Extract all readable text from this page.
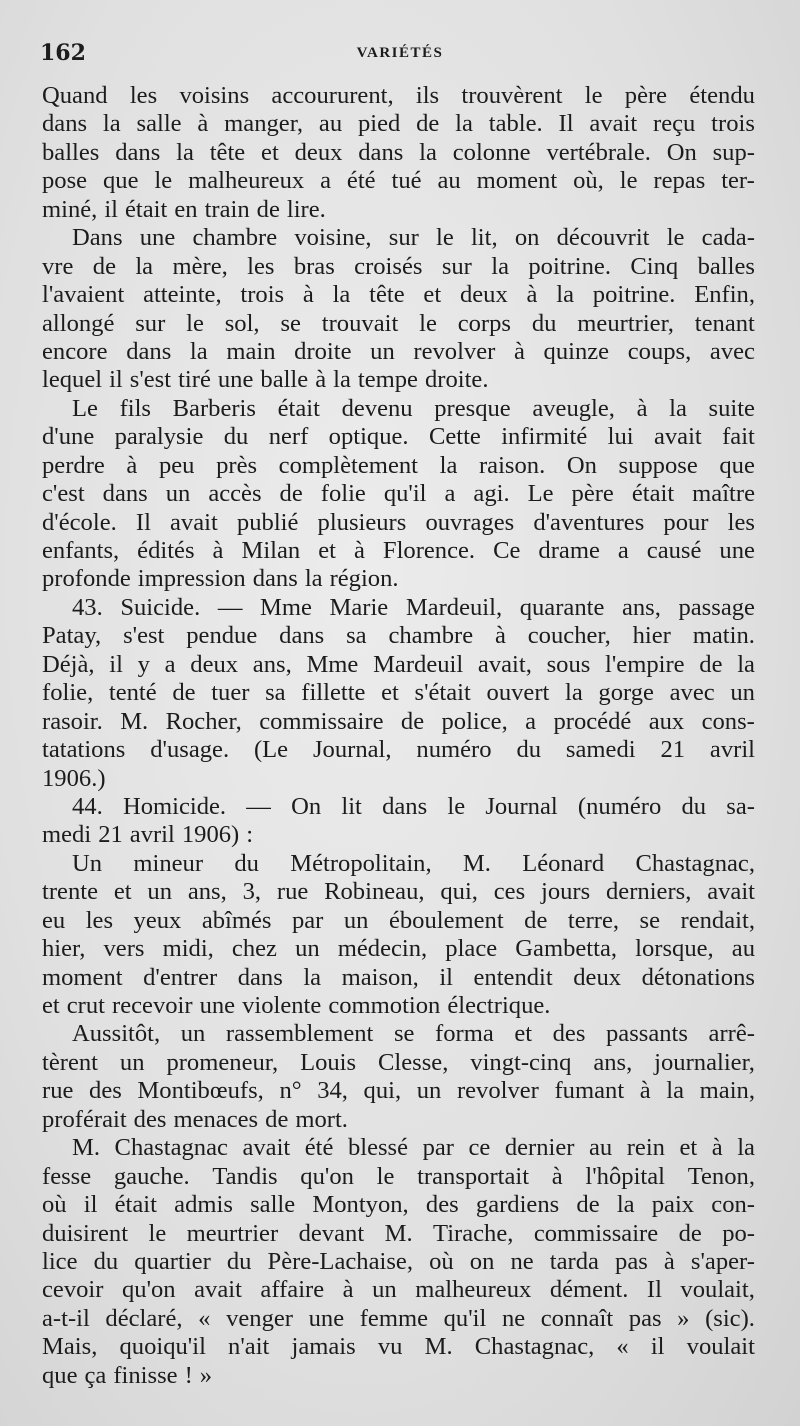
162	VARIÉTÉS
Quand les voisins accoururent, ils trouvèrent le père étendu
dans la salle à manger, au pied de la table. Il avait reçu trois
balles dans la tête et deux dans la colonne vertébrale. On sup-
pose que le malheureux a été tué au moment où, le repas ter-
miné, il était en train de lire.
Dans une chambre voisine, sur le lit, on découvrit le cada-
vre de la mère, les bras croisés sur la poitrine. Cinq balles
l'avaient atteinte, trois à la tête et deux à la poitrine. Enfin,
allongé sur le sol, se trouvait le corps du meurtrier, tenant
encore dans la main droite un revolver à quinze coups, avec
lequel il s'est tiré une balle à la tempe droite.
Le fils Barberis était devenu presque aveugle, à la suite
d'une paralysie du nerf optique. Cette infirmité lui avait fait
perdre à peu près complètement la raison. On suppose que
c'est dans un accès de folie qu'il a agi. Le père était maître
d'école. Il avait publié plusieurs ouvrages d'aventures pour les
enfants, édités à Milan et à Florence. Ce drame a causé une
profonde impression dans la région.
43. Suicide. — Mme Marie Mardeuil, quarante ans, passage
Patay, s'est pendue dans sa chambre à coucher, hier matin.
Déjà, il y a deux ans, Mme Mardeuil avait, sous l'empire de la
folie, tenté de tuer sa fillette et s'était ouvert la gorge avec un
rasoir. M. Rocher, commissaire de police, a procédé aux cons-
tatations d'usage. (Le Journal, numéro du samedi 21 avril
1906.)
44. Homicide. — On lit dans le Journal (numéro du sa-
medi 21 avril 1906) :
Un mineur du Métropolitain, M. Léonard Chastagnac,
trente et un ans, 3, rue Robineau, qui, ces jours derniers, avait
eu les yeux abîmés par un éboulement de terre, se rendait,
hier, vers midi, chez un médecin, place Gambetta, lorsque, au
moment d'entrer dans la maison, il entendit deux détonations
et crut recevoir une violente commotion électrique.
Aussitôt, un rassemblement se forma et des passants arrê-
tèrent un promeneur, Louis Clesse, vingt-cinq ans, journalier,
rue des Montibœufs, n° 34, qui, un revolver fumant à la main,
proférait des menaces de mort.
M. Chastagnac avait été blessé par ce dernier au rein et à la
fesse gauche. Tandis qu'on le transportait à l'hôpital Tenon,
où il était admis salle Montyon, des gardiens de la paix con-
duisirent le meurtrier devant M. Tirache, commissaire de po-
lice du quartier du Père-Lachaise, où on ne tarda pas à s'aper-
cevoir qu'on avait affaire à un malheureux dément. Il voulait,
a-t-il déclaré, « venger une femme qu'il ne connaît pas » (sic).
Mais, quoiqu'il n'ait jamais vu M. Chastagnac, « il voulait
que ça finisse ! »
